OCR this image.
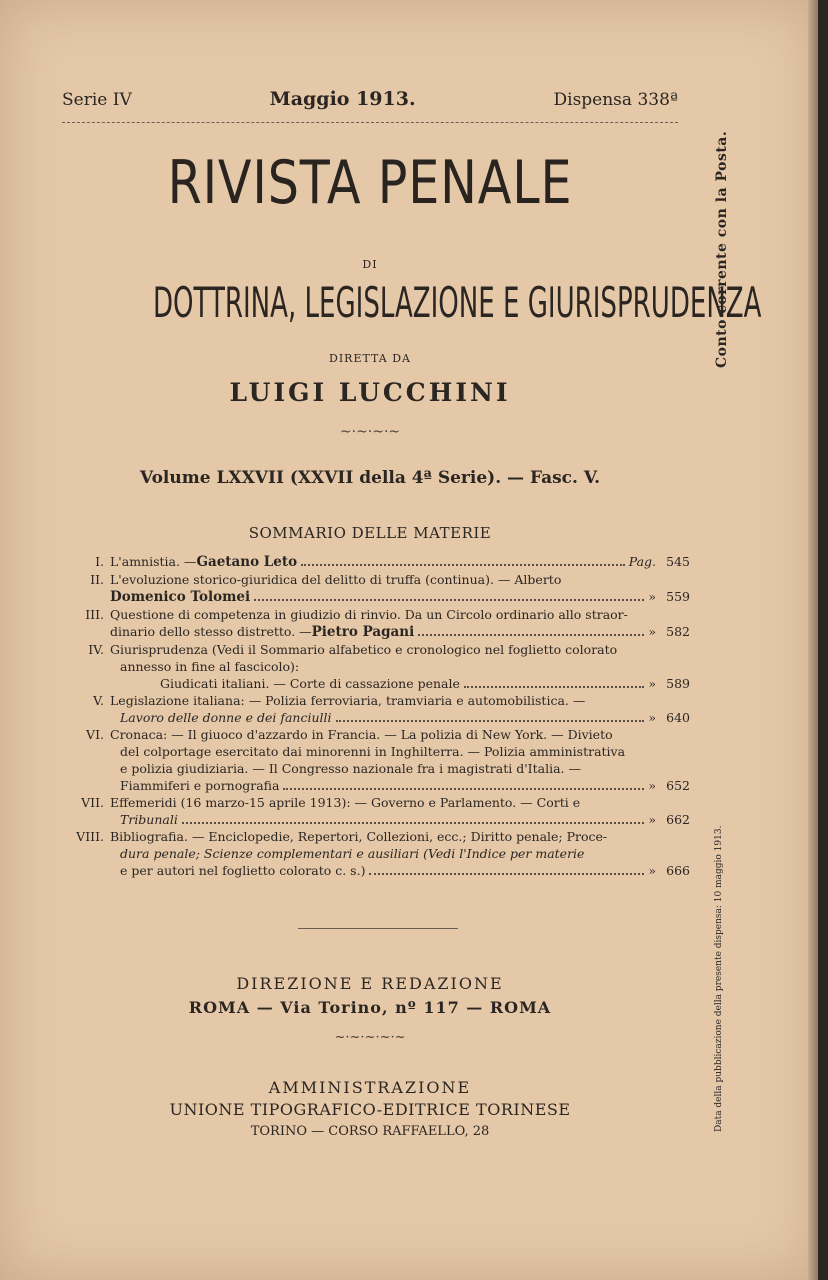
Serie IV	Maggio 1913.	Dispensa 338ª
RIVISTA PENALE
DI
DOTTRINA, LEGISLAZIONE E GIURISPRUDENZA
DIRETTA DA
LUIGI LUCCHINI
~·~·~·~
Volume LXXVII (XXVII della 4ª Serie). — Fasc. V.
SOMMARIO DELLE MATERIE
I. L'amnistia. — Gaetano Leto	Pag. 545
II. L'evoluzione storico-giuridica del delitto di truffa (continua). — Alberto
Domenico Tolomei	» 559
III. Questione di competenza in giudizio di rinvio. Da un Circolo ordinario allo straor-
dinario dello stesso distretto. — Pietro Pagani	» 582
IV. Giurisprudenza (Vedi il Sommario alfabetico e cronologico nel foglietto colorato
annesso in fine al fascicolo):
Giudicati italiani. — Corte di cassazione penale	» 589
V. Legislazione italiana: — Polizia ferroviaria, tramviaria e automobilistica. —
Lavoro delle donne e dei fanciulli	» 640
VI. Cronaca: — Il giuoco d'azzardo in Francia. — La polizia di New York. — Divieto
del colportage esercitato dai minorenni in Inghilterra. — Polizia amministrativa
e polizia giudiziaria. — Il Congresso nazionale fra i magistrati d'Italia. —
Fiammiferi e pornografia	» 652
VII. Effemeridi (16 marzo-15 aprile 1913): — Governo e Parlamento. — Corti e
Tribunali	» 662
VIII. Bibliografia. — Enciclopedie, Repertori, Collezioni, ecc.; Diritto penale; Proce-
dura penale; Scienze complementari e ausiliari (Vedi l'Indice per materie
e per autori nel foglietto colorato c. s.)	» 666
Conto corrente con la Posta.
Data della pubblicazione della presente dispensa: 10 maggio 1913.
DIREZIONE E REDAZIONE
ROMA — Via Torino, nº 117 — ROMA
~·~·~·~·~
AMMINISTRAZIONE
UNIONE TIPOGRAFICO-EDITRICE TORINESE
TORINO — CORSO RAFFAELLO, 28
